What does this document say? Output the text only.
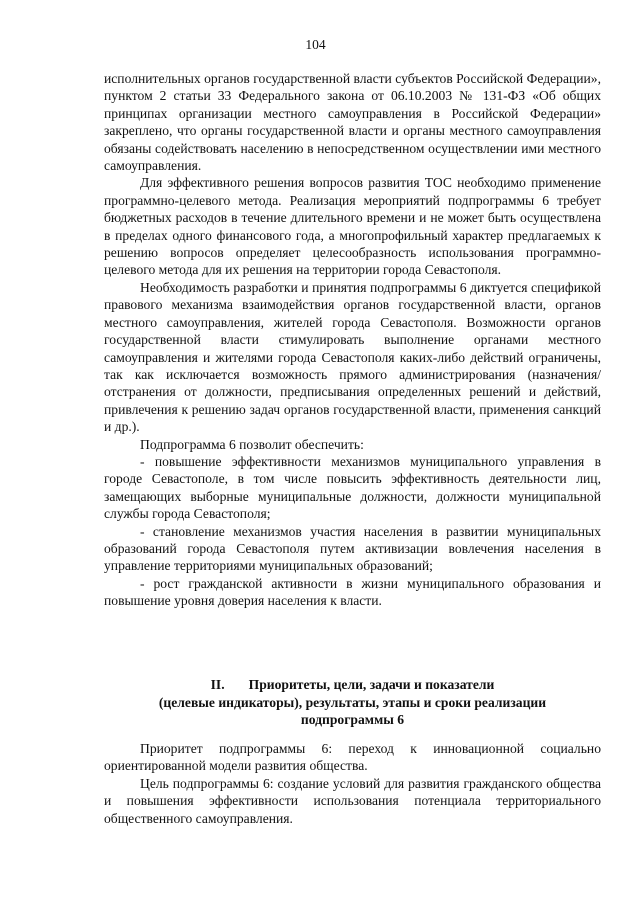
104

исполнительных органов государственной власти субъектов Российской Федерации», пунктом 2 статьи 33 Федерального закона от 06.10.2003 № 131-ФЗ «Об общих принципах организации местного самоуправления в Российской Федерации» закреплено, что органы государственной власти и органы местного самоуправления обязаны содействовать населению в непосредственном осуществлении ими местного самоуправления.

Для эффективного решения вопросов развития ТОС необходимо применение программно-целевого метода. Реализация мероприятий подпрограммы 6 требует бюджетных расходов в течение длительного времени и не может быть осуществлена в пределах одного финансового года, а многопрофильный характер предлагаемых к решению вопросов определяет целесообразность использования программно-целевого метода для их решения на территории города Севастополя.

Необходимость разработки и принятия подпрограммы 6 диктуется спецификой правового механизма взаимодействия органов государственной власти, органов местного самоуправления, жителей города Севастополя. Возможности органов государственной власти стимулировать выполнение органами местного самоуправления и жителями города Севастополя каких-либо действий ограничены, так как исключается возможность прямого администрирования (назначения/отстранения от должности, предписывания определенных решений и действий, привлечения к решению задач органов государственной власти, применения санкций и др.).

Подпрограмма 6 позволит обеспечить:

- повышение эффективности механизмов муниципального управления в городе Севастополе, в том числе повысить эффективность деятельности лиц, замещающих выборные муниципальные должности, должности муниципальной службы города Севастополя;

- становление механизмов участия населения в развитии муниципальных образований города Севастополя путем активизации вовлечения населения в управление территориями муниципальных образований;

- рост гражданской активности в жизни муниципального образования и повышение уровня доверия населения к власти.

II. Приоритеты, цели, задачи и показатели
(целевые индикаторы), результаты, этапы и сроки реализации
подпрограммы 6

Приоритет подпрограммы 6: переход к инновационной социально ориентированной модели развития общества.

Цель подпрограммы 6: создание условий для развития гражданского общества и повышения эффективности использования потенциала территориального общественного самоуправления.
